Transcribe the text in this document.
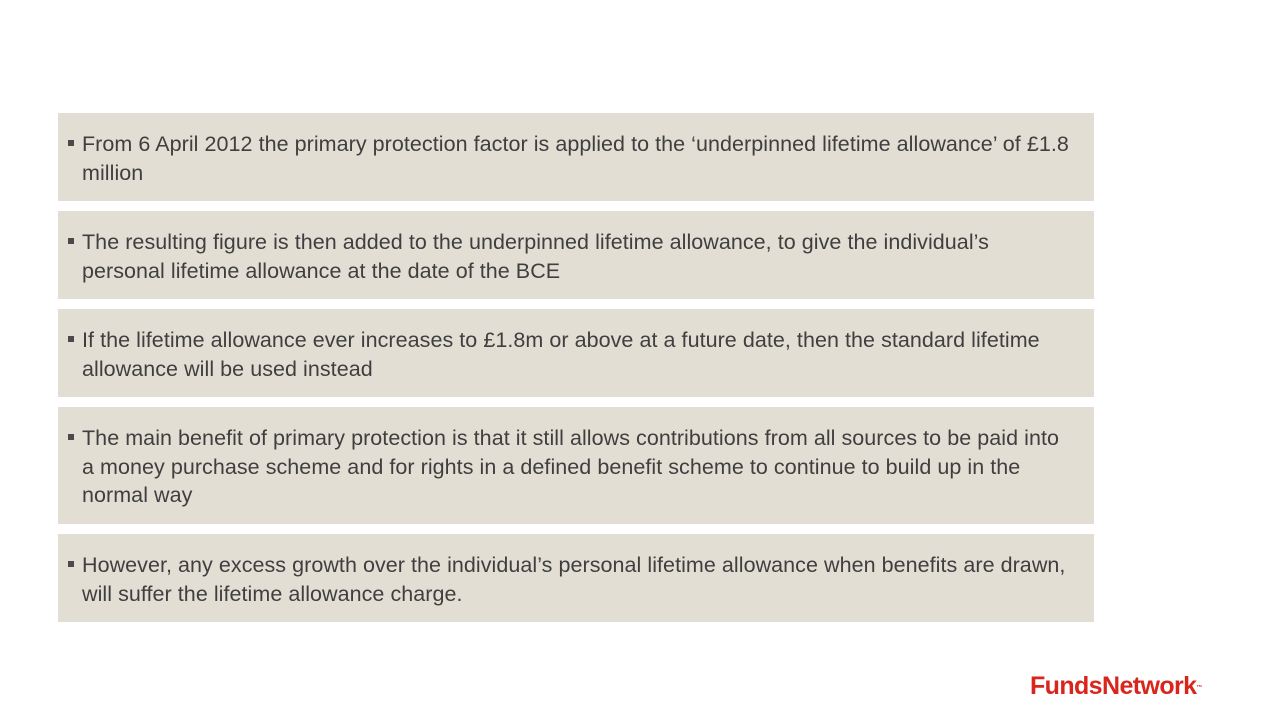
From 6 April 2012 the primary protection factor is applied to the ‘underpinned lifetime allowance’ of £1.8 million
The resulting figure is then added to the underpinned lifetime allowance, to give the individual’s personal lifetime allowance at the date of the BCE
If the lifetime allowance ever increases to £1.8m or above at a future date, then the standard lifetime allowance will be used instead
The main benefit of primary protection is that it still allows contributions from all sources to be paid into a money purchase scheme and for rights in a defined benefit scheme to continue to build up in the normal way
However, any excess growth over the individual’s personal lifetime allowance when benefits are drawn, will suffer the lifetime allowance charge.
FundsNetwork™
